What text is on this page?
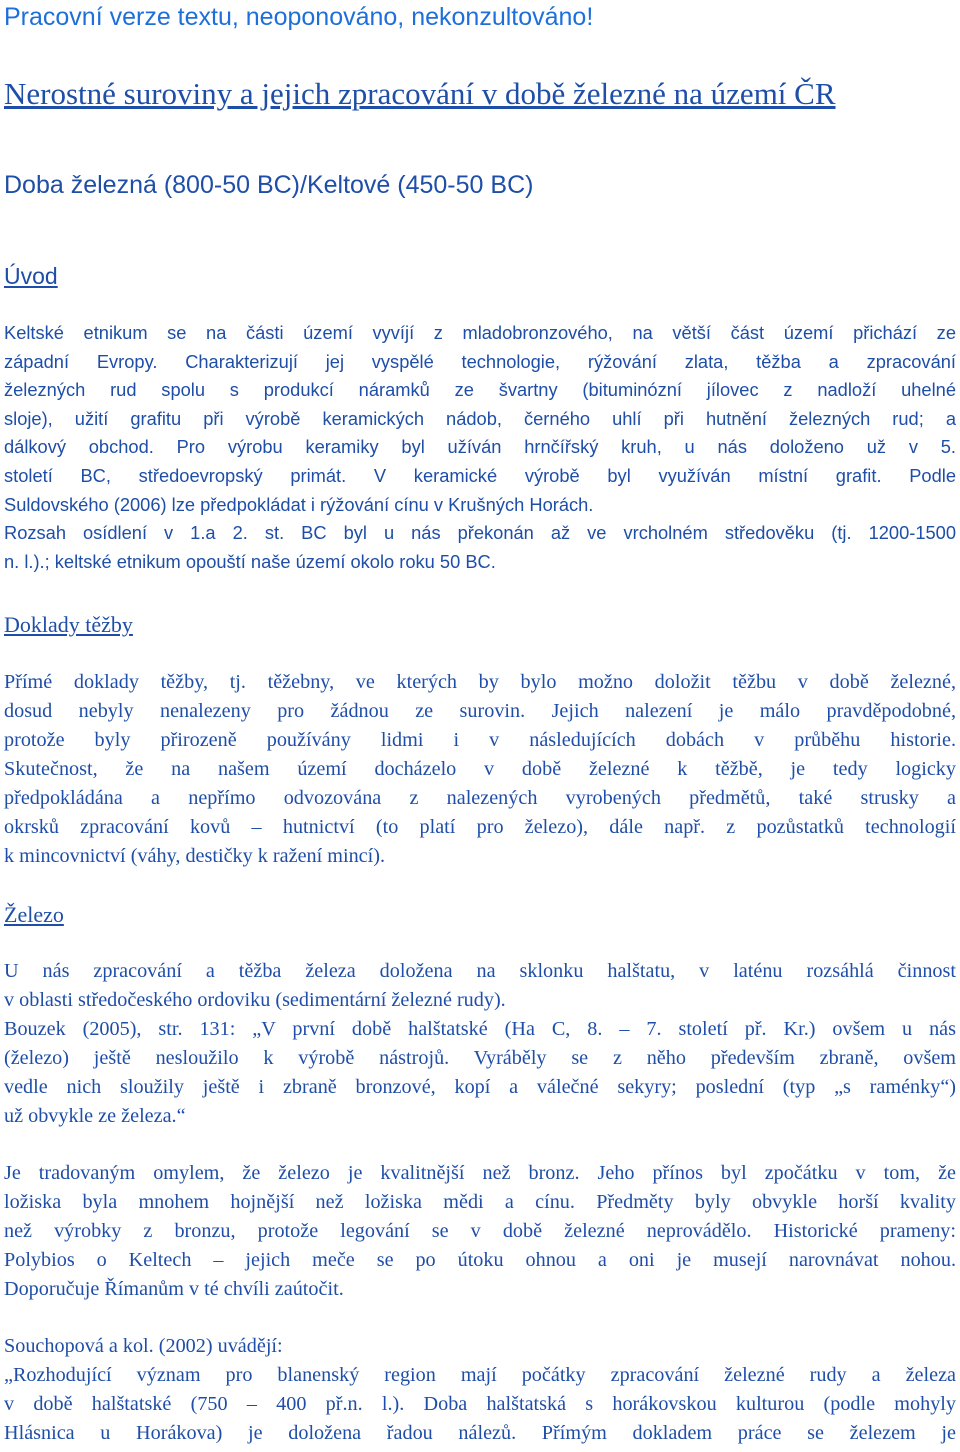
Pracovní verze textu, neoponováno, nekonzultováno!
Nerostné suroviny a jejich zpracování v době železné na území ČR
Doba železná (800-50 BC)/Keltové (450-50 BC)
Úvod
Keltské etnikum se na části území vyvíjí z mladobronzového, na větší část území přichází ze
západní Evropy. Charakterizují jej vyspělé technologie, rýžování zlata, těžba a zpracování
železných rud spolu s produkcí náramků ze švartny (bituminózní jílovec z nadloží uhelné
sloje), užití grafitu při výrobě keramických nádob, černého uhlí při hutnění železných rud; a
dálkový obchod. Pro výrobu keramiky byl užíván hrnčířský kruh, u nás doloženo už v 5.
století BC, středoevropský primát. V keramické výrobě byl využíván místní grafit. Podle
Suldovského (2006) lze předpokládat i rýžování cínu v Krušných Horách.
Rozsah osídlení v 1.a 2. st. BC byl u nás překonán až ve vrcholném středověku (tj. 1200-1500
n. l.).; keltské etnikum opouští naše území okolo roku 50 BC.
Doklady těžby
Přímé doklady těžby, tj. těžebny, ve kterých by bylo možno doložit těžbu v době železné,
dosud nebyly nenalezeny pro žádnou ze surovin. Jejich nalezení je málo pravděpodobné,
protože byly přirozeně používány lidmi i v následujících dobách v průběhu historie.
Skutečnost, že na našem území docházelo v době železné k těžbě, je tedy logicky
předpokládána a nepřímo odvozována z nalezených vyrobených předmětů, také strusky a
okrsků zpracování kovů – hutnictví (to platí pro železo), dále např. z pozůstatků technologií
k mincovnictví (váhy, destičky k ražení mincí).
Železo
U nás zpracování a těžba železa doložena na sklonku halštatu, v laténu rozsáhlá činnost
v oblasti středočeského ordoviku (sedimentární železné rudy).
Bouzek (2005), str. 131: „V první době halštatské (Ha C, 8. – 7. století př. Kr.) ovšem u nás
(železo) ještě nesloužilo k výrobě nástrojů. Vyráběly se z něho především zbraně, ovšem
vedle nich sloužily ještě i zbraně bronzové, kopí a válečné sekyry; poslední (typ „s raménky“)
už obvykle ze železa.“
Je tradovaným omylem, že železo je kvalitnější než bronz. Jeho přínos byl zpočátku v tom, že
ložiska byla mnohem hojnější než ložiska mědi a cínu. Předměty byly obvykle horší kvality
než výrobky z bronzu, protože legování se v době železné neprovádělo. Historické prameny:
Polybios o Keltech – jejich meče se po útoku ohnou a oni je musejí narovnávat nohou.
Doporučuje Římanům v té chvíli zaútočit.
Souchopová a kol. (2002) uvádějí:
„Rozhodující význam pro blanenský region mají počátky zpracování železné rudy a železa
v době halštatské (750 – 400 př.n. l.). Doba halštatská s horákovskou kulturou (podle mohyly
Hlásnica u Horákova) je doložena řadou nálezů. Přímým dokladem práce se železem je
